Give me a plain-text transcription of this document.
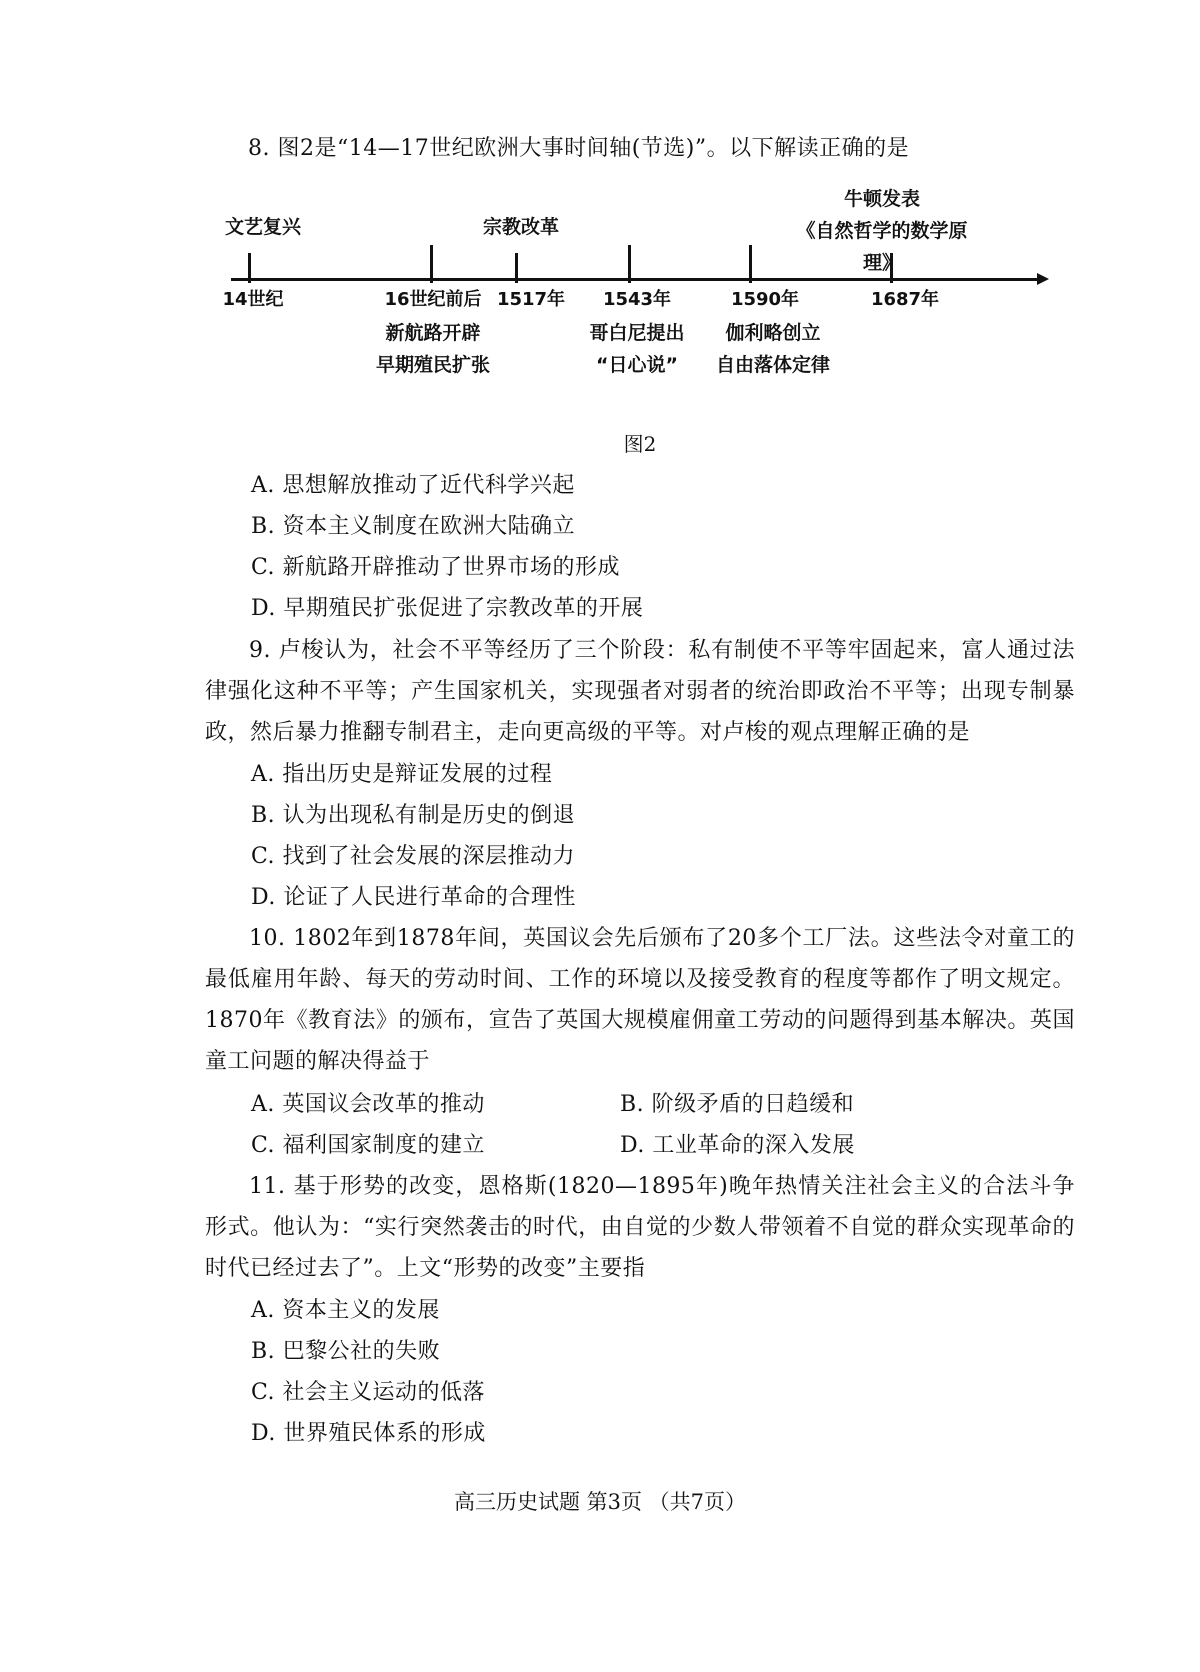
8. 图2是“14—17世纪欧洲大事时间轴(节选)”。以下解读正确的是
文艺复兴	宗教改革
牛顿发表
《自然哲学的数学原理》
14世纪	16世纪前后 1517年 1543年	1590年	1687年
新航路开辟
早期殖民扩张
哥白尼提出
“日心说”
伽利略创立
自由落体定律
图2
A. 思想解放推动了近代科学兴起
B. 资本主义制度在欧洲大陆确立
C. 新航路开辟推动了世界市场的形成
D. 早期殖民扩张促进了宗教改革的开展
9. 卢梭认为，社会不平等经历了三个阶段：私有制使不平等牢固起来，富人通过法律强化这种不平等；产生国家机关，实现强者对弱者的统治即政治不平等；出现专制暴政，然后暴力推翻专制君主，走向更高级的平等。对卢梭的观点理解正确的是
A. 指出历史是辩证发展的过程
B. 认为出现私有制是历史的倒退
C. 找到了社会发展的深层推动力
D. 论证了人民进行革命的合理性
10. 1802年到1878年间，英国议会先后颁布了20多个工厂法。这些法令对童工的最低雇用年龄、每天的劳动时间、工作的环境以及接受教育的程度等都作了明文规定。1870年《教育法》的颁布，宣告了英国大规模雇佣童工劳动的问题得到基本解决。英国童工问题的解决得益于
A. 英国议会改革的推动	B. 阶级矛盾的日趋缓和
C. 福利国家制度的建立	D. 工业革命的深入发展
11. 基于形势的改变，恩格斯(1820—1895年)晚年热情关注社会主义的合法斗争形式。他认为：“实行突然袭击的时代，由自觉的少数人带领着不自觉的群众实现革命的时代已经过去了”。上文“形势的改变”主要指
A. 资本主义的发展
B. 巴黎公社的失败
C. 社会主义运动的低落
D. 世界殖民体系的形成
高三历史试题 第3页 （共7页）
